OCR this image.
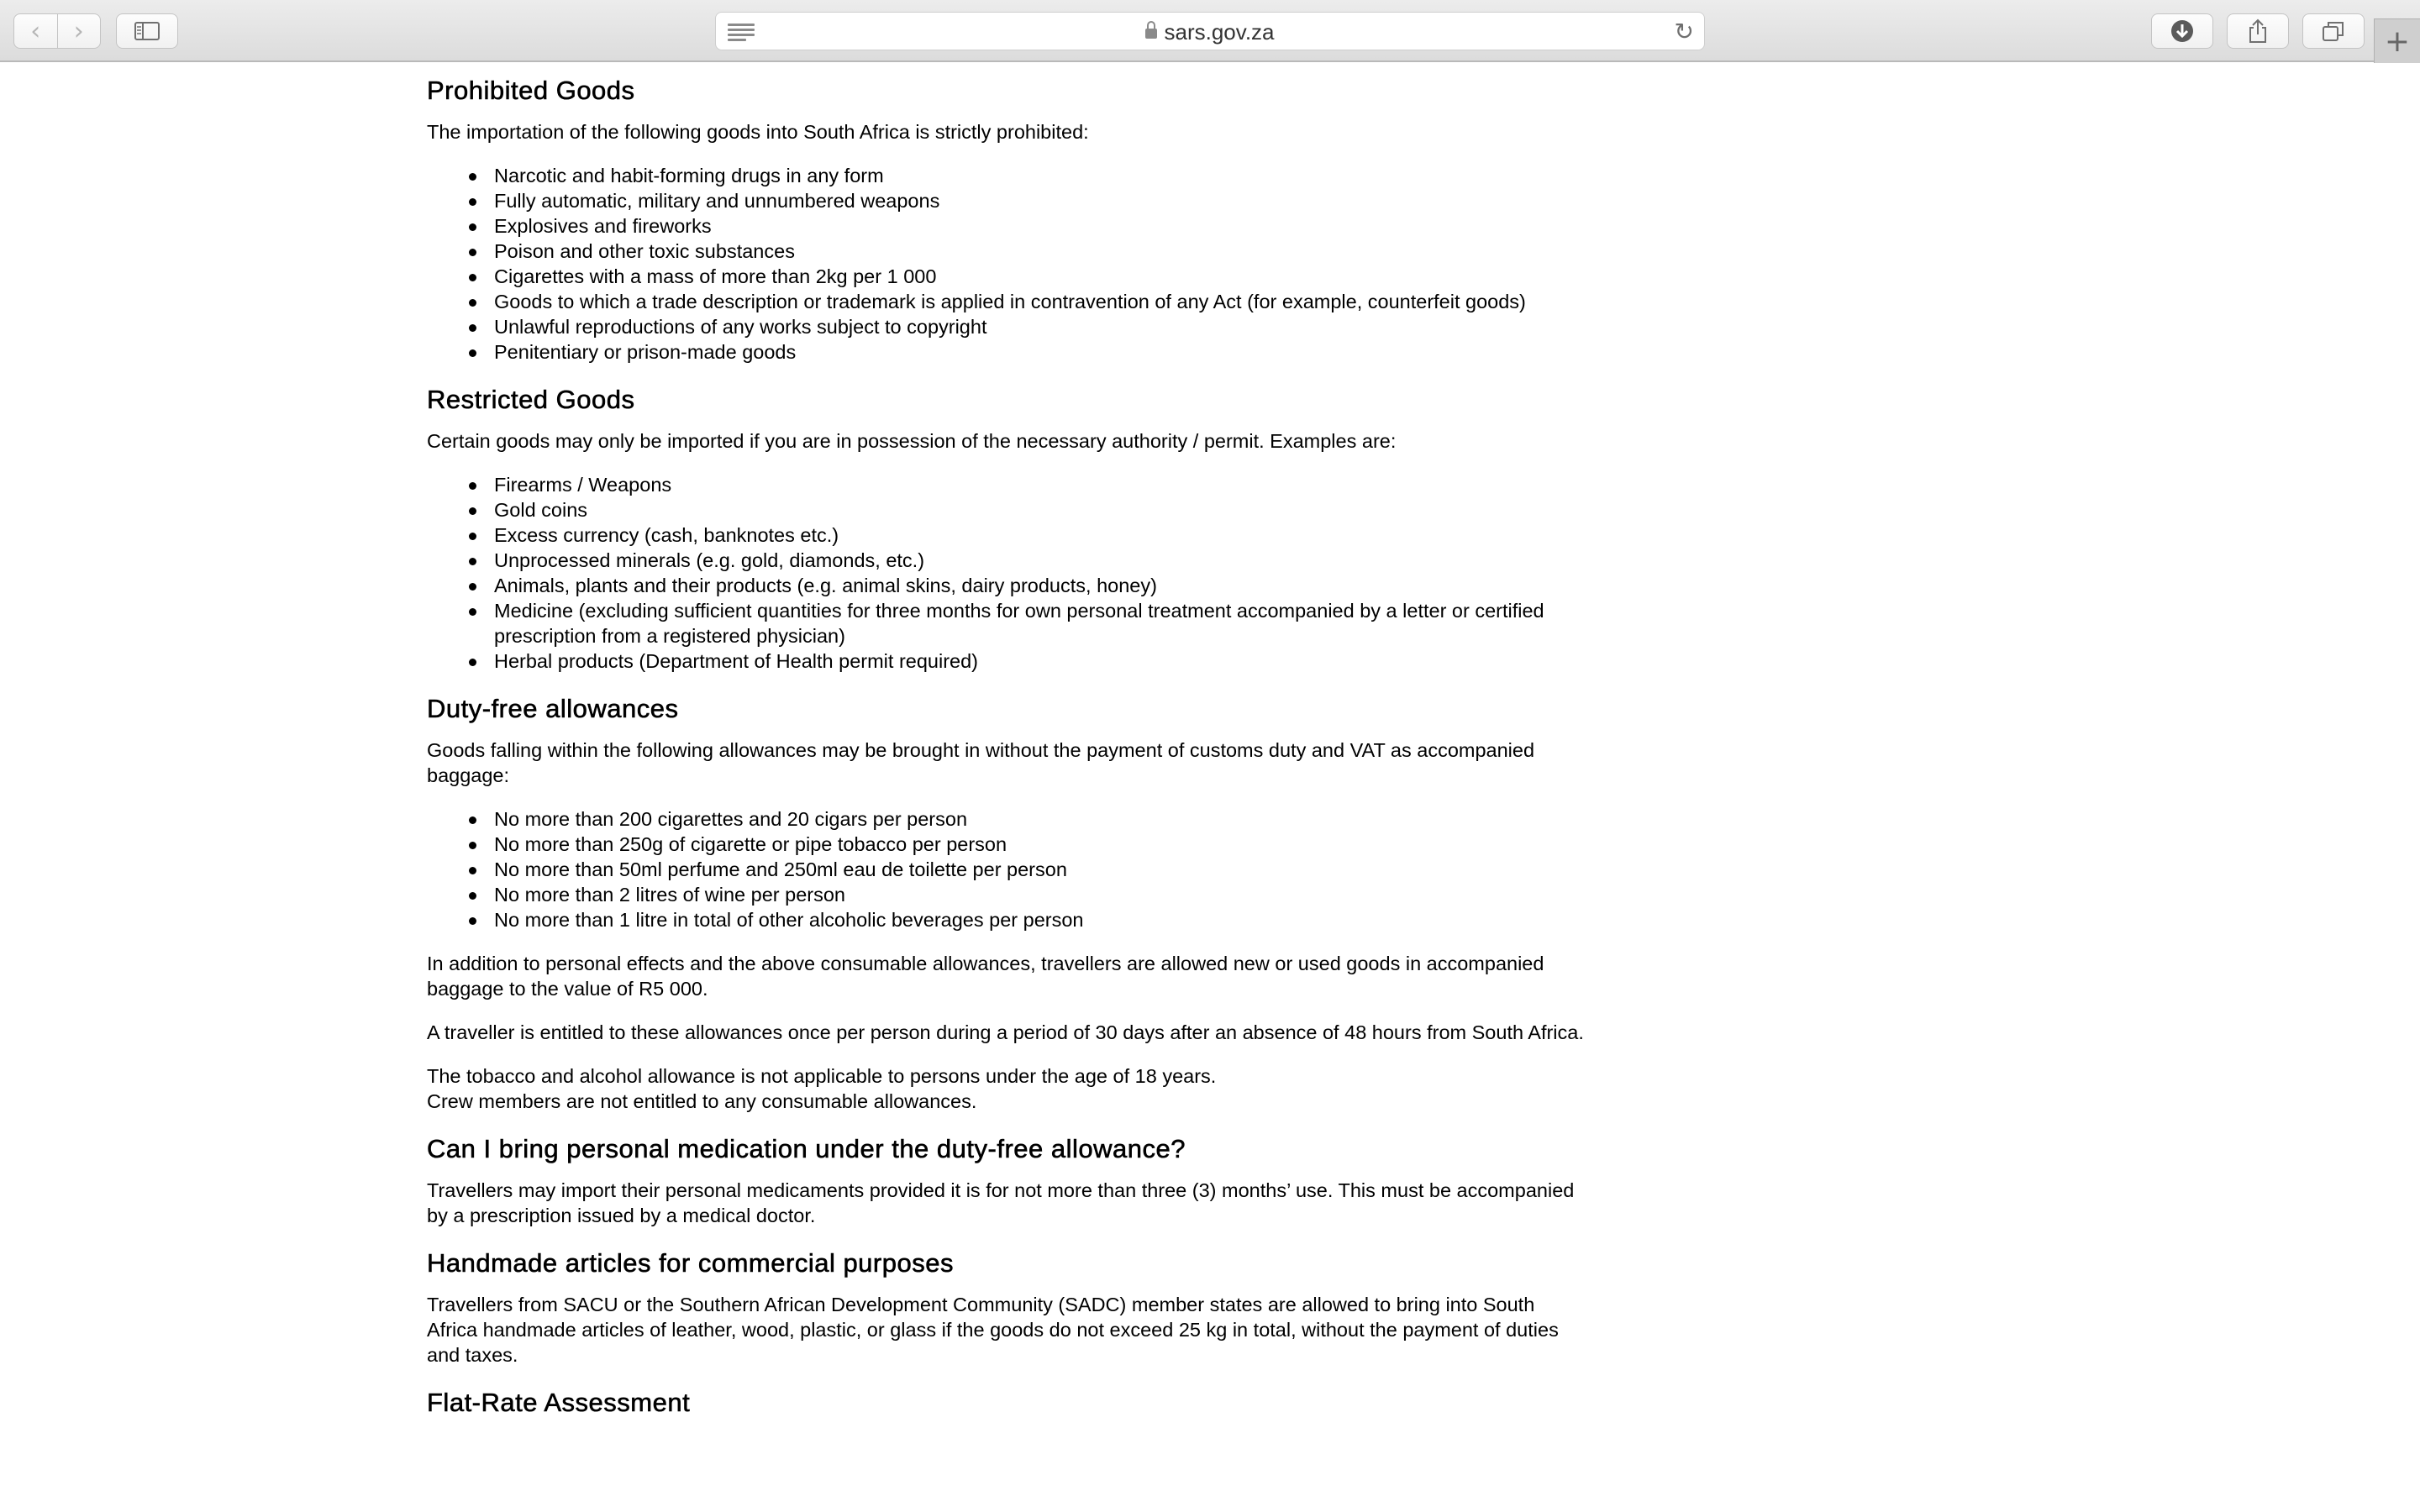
‹ ›	sars.gov.za	↻	+
Prohibited Goods

The importation of the following goods into South Africa is strictly prohibited:

Narcotic and habit-forming drugs in any form
Fully automatic, military and unnumbered weapons
Explosives and fireworks
Poison and other toxic substances
Cigarettes with a mass of more than 2kg per 1 000
Goods to which a trade description or trademark is applied in contravention of any Act (for example, counterfeit goods)
Unlawful reproductions of any works subject to copyright
Penitentiary or prison-made goods
Restricted Goods

Certain goods may only be imported if you are in possession of the necessary authority / permit. Examples are:

Firearms / Weapons
Gold coins
Excess currency (cash, banknotes etc.)
Unprocessed minerals (e.g. gold, diamonds, etc.)
Animals, plants and their products (e.g. animal skins, dairy products, honey)
Medicine (excluding sufficient quantities for three months for own personal treatment accompanied by a letter or certified prescription from a registered physician)
Herbal products (Department of Health permit required)
Duty-free allowances

Goods falling within the following allowances may be brought in without the payment of customs duty and VAT as accompanied baggage:

No more than 200 cigarettes and 20 cigars per person
No more than 250g of cigarette or pipe tobacco per person
No more than 50ml perfume and 250ml eau de toilette per person
No more than 2 litres of wine per person
No more than 1 litre in total of other alcoholic beverages per person

In addition to personal effects and the above consumable allowances, travellers are allowed new or used goods in accompanied baggage to the value of R5 000.

A traveller is entitled to these allowances once per person during a period of 30 days after an absence of 48 hours from South Africa.

The tobacco and alcohol allowance is not applicable to persons under the age of 18 years.

Crew members are not entitled to any consumable allowances.

Can I bring personal medication under the duty-free allowance?

Travellers may import their personal medicaments provided it is for not more than three (3) months’ use. This must be accompanied by a prescription issued by a medical doctor.

Handmade articles for commercial purposes

Travellers from SACU or the Southern African Development Community (SADC) member states are allowed to bring into South Africa handmade articles of leather, wood, plastic, or glass if the goods do not exceed 25 kg in total, without the payment of duties and taxes.

Flat-Rate Assessment
